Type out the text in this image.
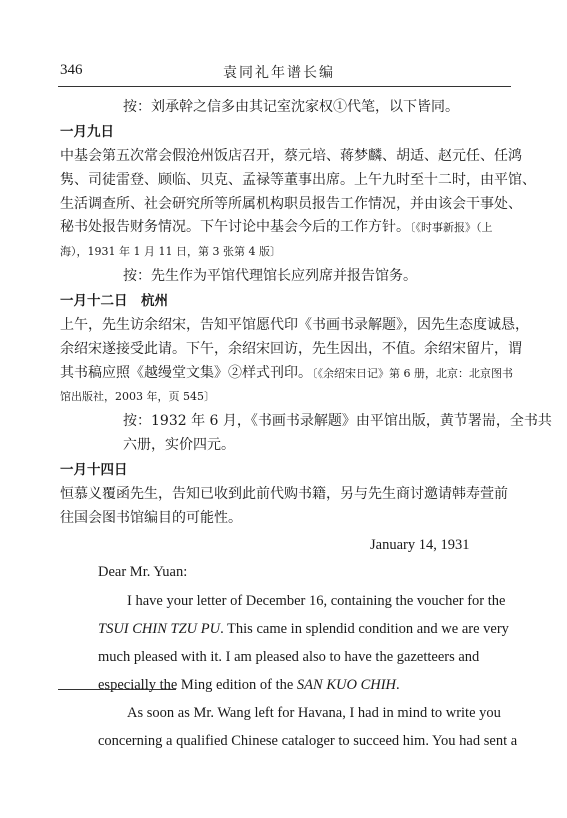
346	袁同礼年谱长编
按：刘承幹之信多由其记室沈家权①代笔，以下皆同。
一月九日
中基会第五次常会假沧州饭店召开，蔡元培、蒋梦麟、胡适、赵元任、任鸿
隽、司徒雷登、顾临、贝克、孟禄等董事出席。上午九时至十二时，由平馆、
生活调查所、社会研究所等所属机构职员报告工作情况，并由该会干事处、
秘书处报告财务情况。下午讨论中基会今后的工作方针。〔《时事新报》（上
海），1931 年 1 月 11 日，第 3 张第 4 版〕
按：先生作为平馆代理馆长应列席并报告馆务。
一月十二日　杭州
上午，先生访余绍宋，告知平馆愿代印《书画书录解题》，因先生态度诚恳，
余绍宋遂接受此请。下午，余绍宋回访，先生因出，不值。余绍宋留片，谓
其书稿应照《越缦堂文集》②样式刊印。〔《余绍宋日记》第 6 册，北京：北京图书
馆出版社，2003 年，页 545〕
按：1932 年 6 月，《书画书录解题》由平馆出版，黄节署耑，全书共
六册，实价四元。
一月十四日
恒慕义覆函先生，告知已收到此前代购书籍，另与先生商讨邀请韩寿萱前
往国会图书馆编目的可能性。
January 14, 1931
Dear Mr. Yuan:
I have your letter of December 16, containing the voucher for the
TSUI CHIN TZU PU. This came in splendid condition and we are very
much pleased with it. I am pleased also to have the gazetteers and
especially the Ming edition of the SAN KUO CHIH.
As soon as Mr. Wang left for Havana, I had in mind to write you
concerning a qualified Chinese cataloger to succeed him. You had sent a
